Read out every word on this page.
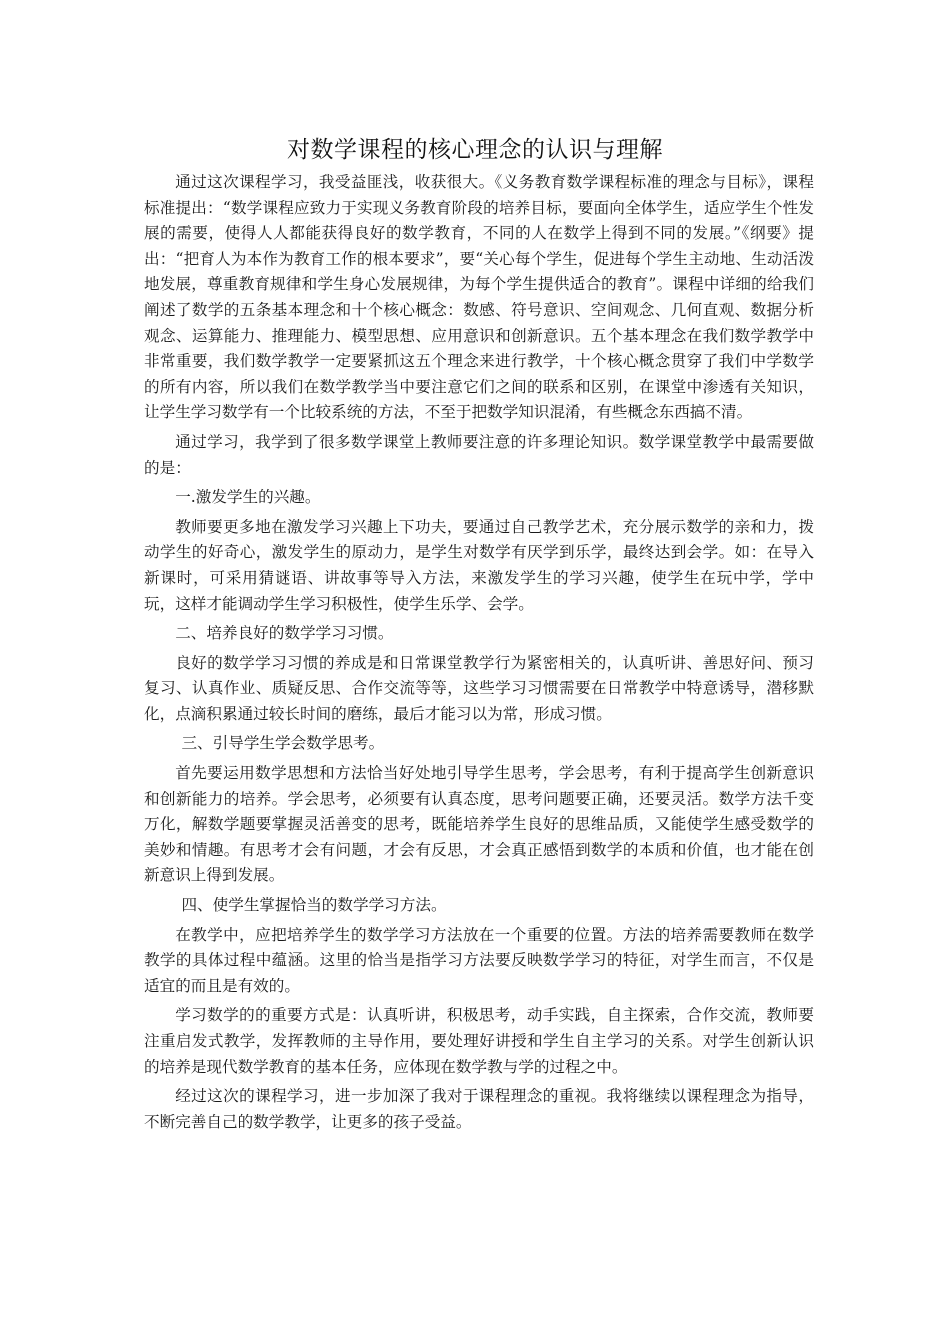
对数学课程的核心理念的认识与理解

通过这次课程学习，我受益匪浅，收获很大。《义务教育数学课程标准的理念与目标》，课程标准提出：“数学课程应致力于实现义务教育阶段的培养目标，要面向全体学生，适应学生个性发展的需要，使得人人都能获得良好的数学教育，不同的人在数学上得到不同的发展。”《纲要》提出：“把育人为本作为教育工作的根本要求”，要“关心每个学生，促进每个学生主动地、生动活泼地发展，尊重教育规律和学生身心发展规律，为每个学生提供适合的教育”。课程中详细的给我们阐述了数学的五条基本理念和十个核心概念：数感、符号意识、空间观念、几何直观、数据分析观念、运算能力、推理能力、模型思想、应用意识和创新意识。五个基本理念在我们数学教学中非常重要，我们数学教学一定要紧抓这五个理念来进行教学，十个核心概念贯穿了我们中学数学的所有内容，所以我们在数学教学当中要注意它们之间的联系和区别，在课堂中渗透有关知识，让学生学习数学有一个比较系统的方法，不至于把数学知识混淆，有些概念东西搞不清。

通过学习，我学到了很多数学课堂上教师要注意的许多理论知识。数学课堂教学中最需要做的是：

一.激发学生的兴趣。

教师要更多地在激发学习兴趣上下功夫，要通过自己教学艺术，充分展示数学的亲和力，拨动学生的好奇心，激发学生的原动力，是学生对数学有厌学到乐学，最终达到会学。如：在导入新课时，可采用猜谜语、讲故事等导入方法，来激发学生的学习兴趣，使学生在玩中学，学中玩，这样才能调动学生学习积极性，使学生乐学、会学。

二、培养良好的数学学习习惯。

良好的数学学习习惯的养成是和日常课堂教学行为紧密相关的，认真听讲、善思好问、预习复习、认真作业、质疑反思、合作交流等等，这些学习习惯需要在日常教学中特意诱导，潜移默化，点滴积累通过较长时间的磨练，最后才能习以为常，形成习惯。

三、引导学生学会数学思考。

首先要运用数学思想和方法恰当好处地引导学生思考，学会思考，有利于提高学生创新意识和创新能力的培养。学会思考，必须要有认真态度，思考问题要正确，还要灵活。数学方法千变万化，解数学题要掌握灵活善变的思考，既能培养学生良好的思维品质，又能使学生感受数学的美妙和情趣。有思考才会有问题，才会有反思，才会真正感悟到数学的本质和价值，也才能在创新意识上得到发展。

四、使学生掌握恰当的数学学习方法。

在教学中，应把培养学生的数学学习方法放在一个重要的位置。方法的培养需要教师在数学教学的具体过程中蕴涵。这里的恰当是指学习方法要反映数学学习的特征，对学生而言，不仅是适宜的而且是有效的。

学习数学的的重要方式是：认真听讲，积极思考，动手实践，自主探索，合作交流，教师要注重启发式教学，发挥教师的主导作用，要处理好讲授和学生自主学习的关系。对学生创新认识的培养是现代数学教育的基本任务，应体现在数学教与学的过程之中。

经过这次的课程学习，进一步加深了我对于课程理念的重视。我将继续以课程理念为指导，不断完善自己的数学教学，让更多的孩子受益。
